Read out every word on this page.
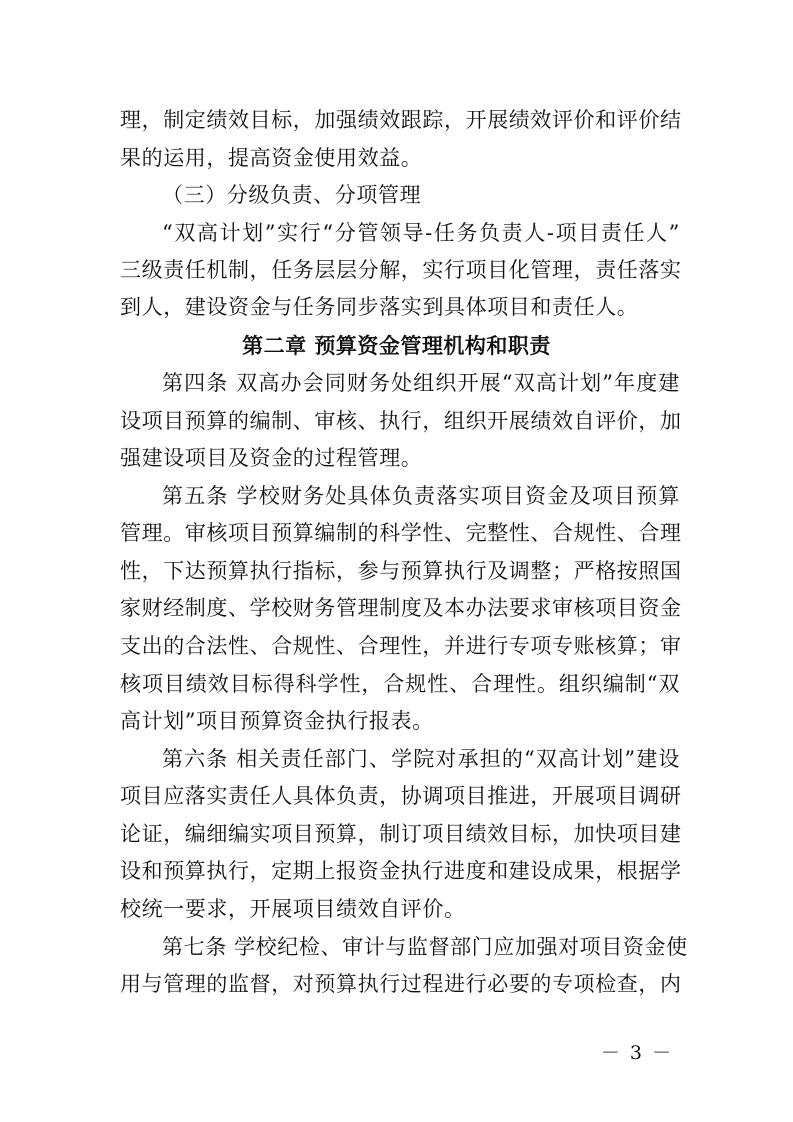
理，制定绩效目标，加强绩效跟踪，开展绩效评价和评价结
果的运用，提高资金使用效益。
（三）分级负责、分项管理
“双高计划”实行“分管领导-任务负责人-项目责任人”
三级责任机制，任务层层分解，实行项目化管理，责任落实
到人，建设资金与任务同步落实到具体项目和责任人。
第二章 预算资金管理机构和职责
第四条 双高办会同财务处组织开展“双高计划”年度建
设项目预算的编制、审核、执行，组织开展绩效自评价，加
强建设项目及资金的过程管理。
第五条 学校财务处具体负责落实项目资金及项目预算
管理。审核项目预算编制的科学性、完整性、合规性、合理
性，下达预算执行指标，参与预算执行及调整；严格按照国
家财经制度、学校财务管理制度及本办法要求审核项目资金
支出的合法性、合规性、合理性，并进行专项专账核算；审
核项目绩效目标得科学性，合规性、合理性。组织编制“双
高计划”项目预算资金执行报表。
第六条 相关责任部门、学院对承担的“双高计划”建设
项目应落实责任人具体负责，协调项目推进，开展项目调研
论证，编细编实项目预算，制订项目绩效目标，加快项目建
设和预算执行，定期上报资金执行进度和建设成果，根据学
校统一要求，开展项目绩效自评价。
第七条 学校纪检、审计与监督部门应加强对项目资金使
用与管理的监督，对预算执行过程进行必要的专项检查，内
－ 3 －
